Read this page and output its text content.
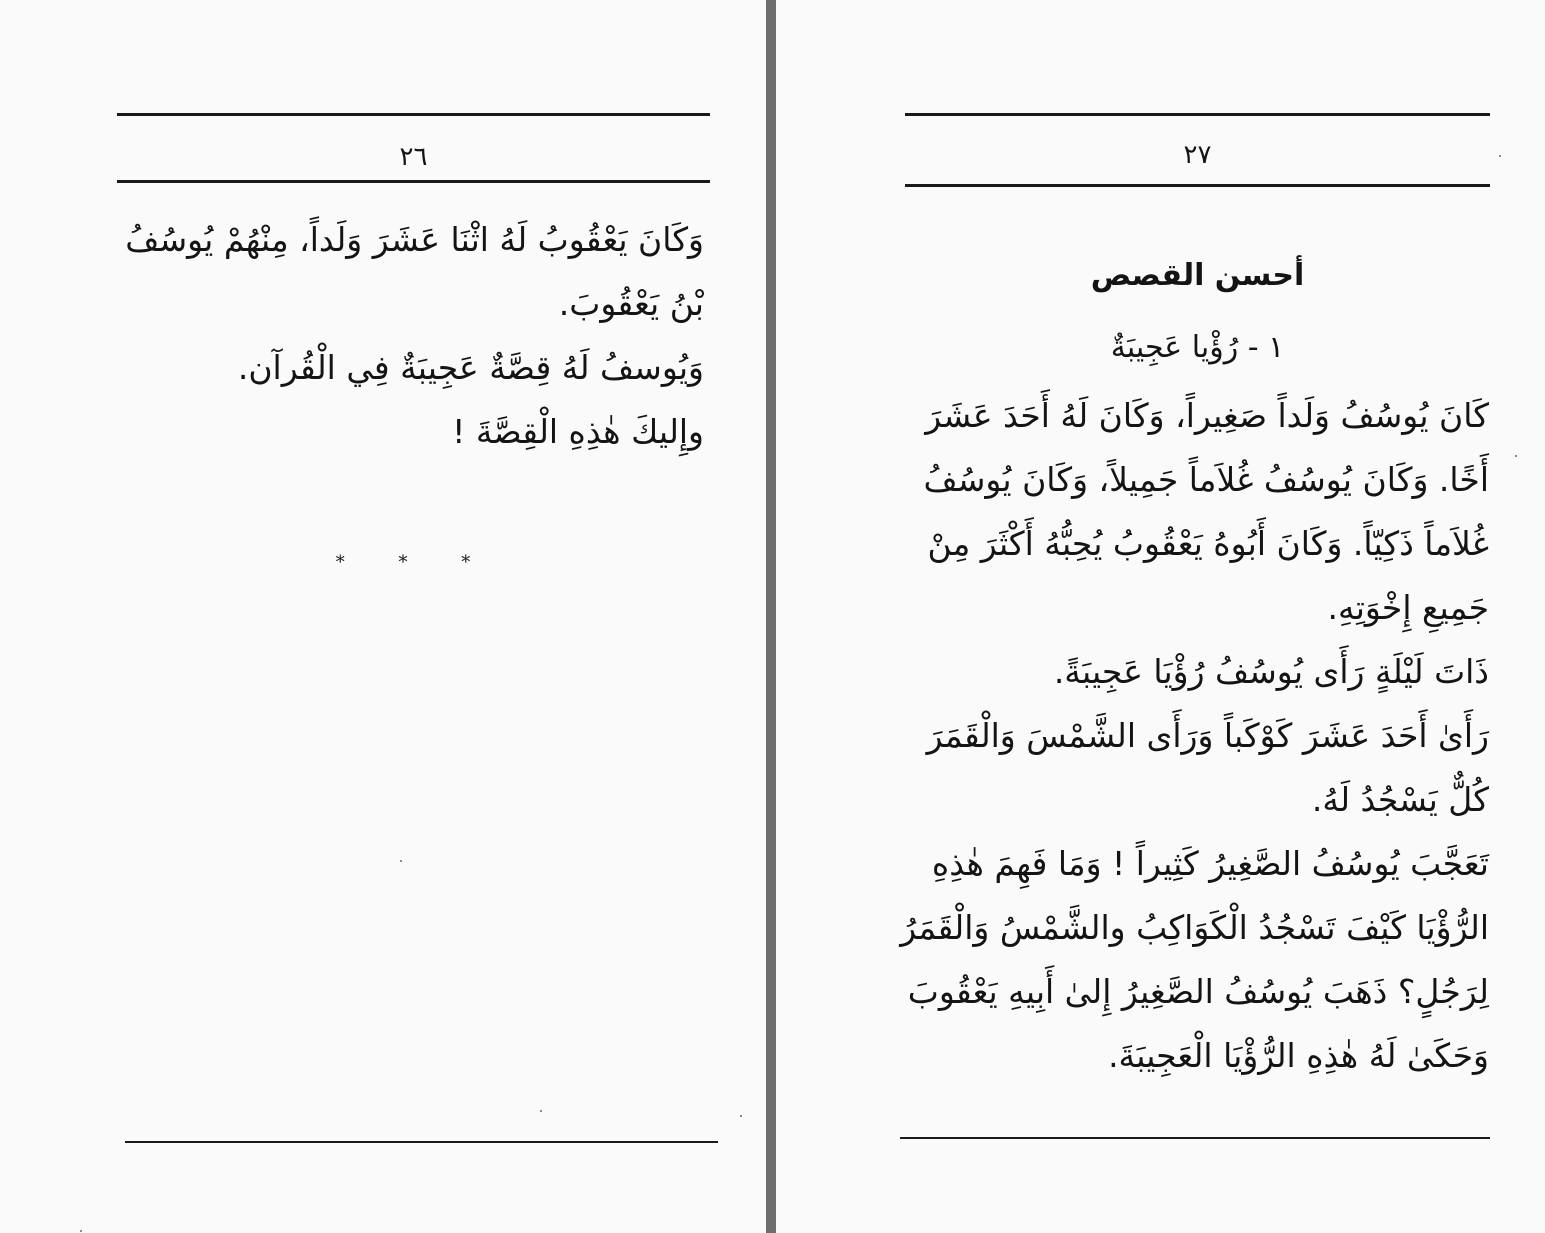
٢٦
وَكَانَ يَعْقُوبُ لَهُ اثْنَا عَشَرَ وَلَداً، مِنْهُمْ يُوسُفُ
بْنُ يَعْقُوبَ.
وَيُوسفُ لَهُ قِصَّةٌ عَجِيبَةٌ فِي الْقُرآن.
وإِليكَ هٰذِهِ الْقِصَّةَ !
* * *
٢٧
أحسن القصص
١ - رُؤْيا عَجِيبَةٌ
كَانَ يُوسُفُ وَلَداً صَغِيراً، وَكَانَ لَهُ أَحَدَ عَشَرَ
أَخًا. وَكَانَ يُوسُفُ غُلاَماً جَمِيلاً، وَكَانَ يُوسُفُ
غُلاَماً ذَكِيّاً. وَكَانَ أَبُوهُ يَعْقُوبُ يُحِبُّهُ أَكْثَرَ مِنْ
جَمِيعِ إِخْوَتِهِ.
ذَاتَ لَيْلَةٍ رَأَى يُوسُفُ رُؤْيَا عَجِيبَةً.
رَأَىٰ أَحَدَ عَشَرَ كَوْكَباً وَرَأَى الشَّمْسَ وَالْقَمَرَ
كُلٌّ يَسْجُدُ لَهُ.
تَعَجَّبَ يُوسُفُ الصَّغِيرُ كَثِيراً ! وَمَا فَهِمَ هٰذِهِ
الرُّؤْيَا كَيْفَ تَسْجُدُ الْكَوَاكِبُ والشَّمْسُ وَالْقَمَرُ
لِرَجُلٍ؟ ذَهَبَ يُوسُفُ الصَّغِيرُ إِلىٰ أَبِيهِ يَعْقُوبَ
وَحَكَىٰ لَهُ هٰذِهِ الرُّؤْيَا الْعَجِيبَةَ.
